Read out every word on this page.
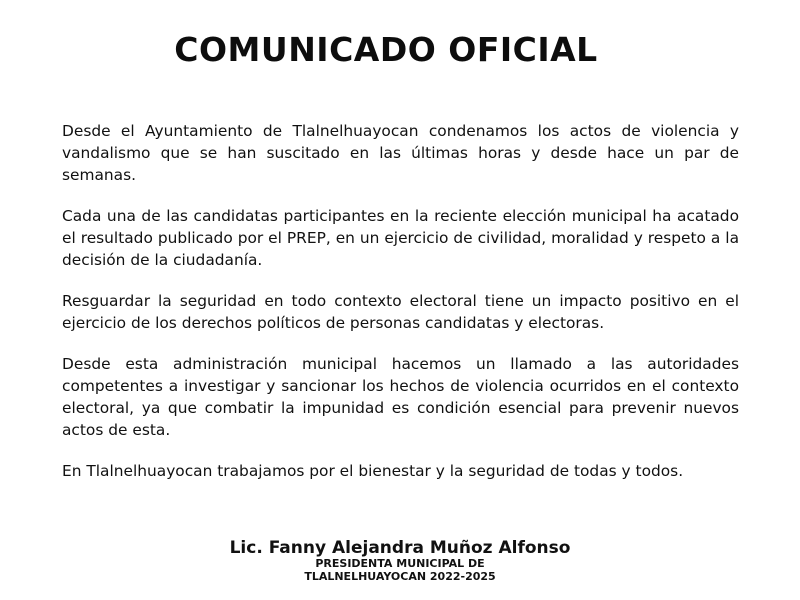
COMUNICADO OFICIAL

Desde el Ayuntamiento de Tlalnelhuayocan condenamos los actos de violencia y vandalismo que se han suscitado en las últimas horas y desde hace un par de semanas.

Cada una de las candidatas participantes en la reciente elección municipal ha acatado el resultado publicado por el PREP, en un ejercicio de civilidad, moralidad y respeto a la decisión de la ciudadanía.

Resguardar la seguridad en todo contexto electoral tiene un impacto positivo en el ejercicio de los derechos políticos de personas candidatas y electoras.

Desde esta administración municipal hacemos un llamado a las autoridades competentes a investigar y sancionar los hechos de violencia ocurridos en el contexto electoral, ya que combatir la impunidad es condición esencial para prevenir nuevos actos de esta.

En Tlalnelhuayocan trabajamos por el bienestar y la seguridad de todas y todos.

Lic. Fanny Alejandra Muñoz Alfonso
PRESIDENTA MUNICIPAL DE
TLALNELHUAYOCAN 2022-2025
